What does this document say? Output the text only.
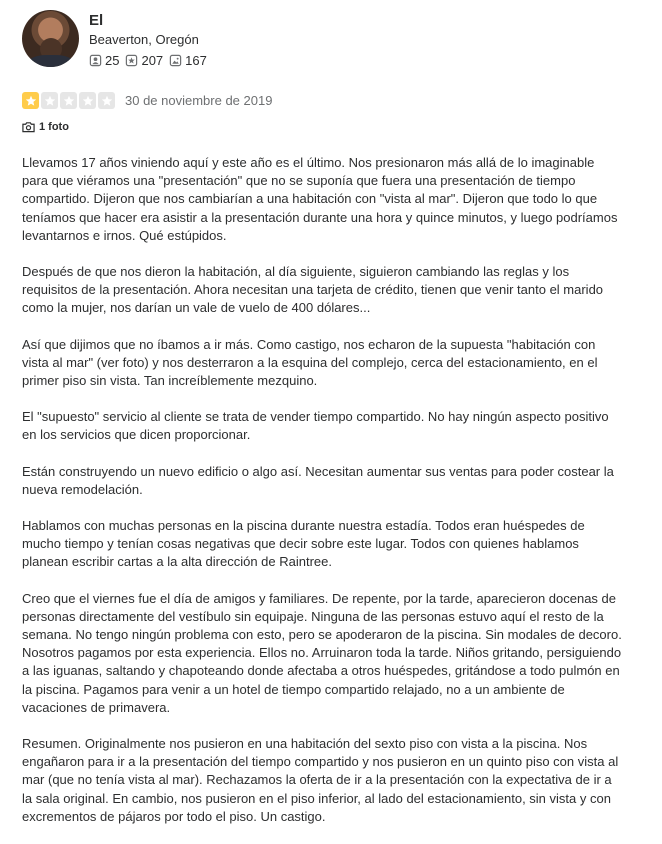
El
Beaverton, Oregón
25 207 167
30 de noviembre de 2019
1 foto

Llevamos 17 años viniendo aquí y este año es el último. Nos presionaron más allá de lo imaginable para que viéramos una "presentación" que no se suponía que fuera una presentación de tiempo compartido. Dijeron que nos cambiarían a una habitación con "vista al mar". Dijeron que todo lo que teníamos que hacer era asistir a la presentación durante una hora y quince minutos, y luego podríamos levantarnos e irnos. Qué estúpidos.

Después de que nos dieron la habitación, al día siguiente, siguieron cambiando las reglas y los requisitos de la presentación. Ahora necesitan una tarjeta de crédito, tienen que venir tanto el marido como la mujer, nos darían un vale de vuelo de 400 dólares...

Así que dijimos que no íbamos a ir más. Como castigo, nos echaron de la supuesta "habitación con vista al mar" (ver foto) y nos desterraron a la esquina del complejo, cerca del estacionamiento, en el primer piso sin vista. Tan increíblemente mezquino.

El "supuesto" servicio al cliente se trata de vender tiempo compartido. No hay ningún aspecto positivo en los servicios que dicen proporcionar.

Están construyendo un nuevo edificio o algo así. Necesitan aumentar sus ventas para poder costear la nueva remodelación.

Hablamos con muchas personas en la piscina durante nuestra estadía. Todos eran huéspedes de mucho tiempo y tenían cosas negativas que decir sobre este lugar. Todos con quienes hablamos planean escribir cartas a la alta dirección de Raintree.

Creo que el viernes fue el día de amigos y familiares. De repente, por la tarde, aparecieron docenas de personas directamente del vestíbulo sin equipaje. Ninguna de las personas estuvo aquí el resto de la semana. No tengo ningún problema con esto, pero se apoderaron de la piscina. Sin modales de decoro. Nosotros pagamos por esta experiencia. Ellos no. Arruinaron toda la tarde. Niños gritando, persiguiendo a las iguanas, saltando y chapoteando donde afectaba a otros huéspedes, gritándose a todo pulmón en la piscina. Pagamos para venir a un hotel de tiempo compartido relajado, no a un ambiente de vacaciones de primavera.

Resumen. Originalmente nos pusieron en una habitación del sexto piso con vista a la piscina. Nos engañaron para ir a la presentación del tiempo compartido y nos pusieron en un quinto piso con vista al mar (que no tenía vista al mar). Rechazamos la oferta de ir a la presentación con la expectativa de ir a la sala original. En cambio, nos pusieron en el piso inferior, al lado del estacionamiento, sin vista y con excrementos de pájaros por todo el piso. Un castigo.
